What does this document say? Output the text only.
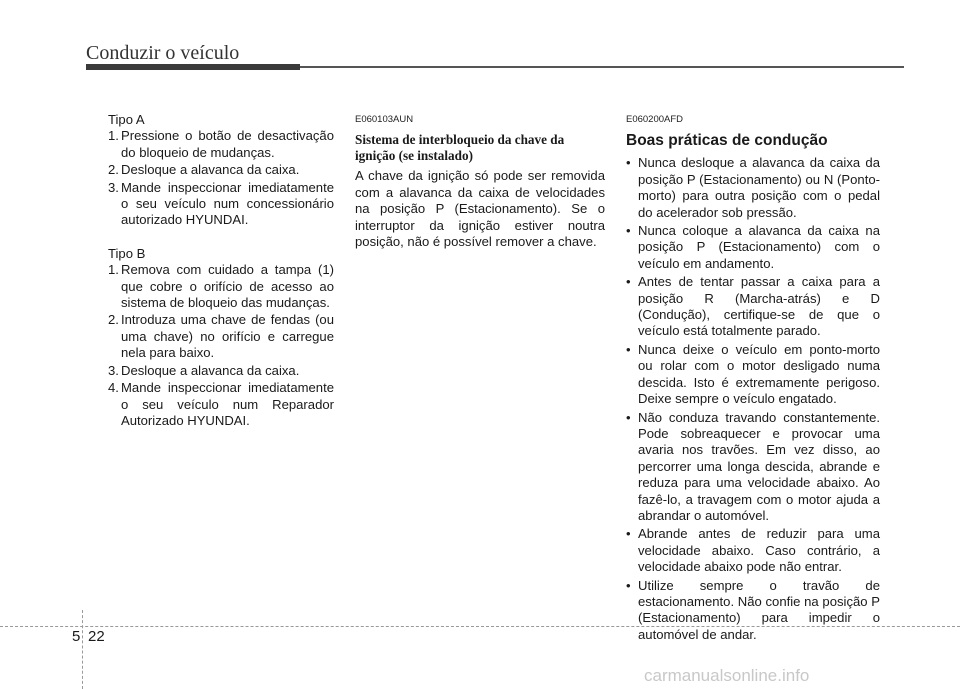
Conduzir o veículo
Tipo A
1. Pressione o botão de desactivação do bloqueio de mudanças.
2. Desloque a alavanca da caixa.
3. Mande inspeccionar imediatamente o seu veículo num concessionário autorizado HYUNDAI.
Tipo B
1. Remova com cuidado a tampa (1) que cobre o orifício de acesso ao sistema de bloqueio das mudanças.
2. Introduza uma chave de fendas (ou uma chave) no orifício e carregue nela para baixo.
3. Desloque a alavanca da caixa.
4. Mande inspeccionar imediatamente o seu veículo num Reparador Autorizado HYUNDAI.
E060103AUN
Sistema de interbloqueio da chave da ignição (se instalado)
A chave da ignição só pode ser removida com a alavanca da caixa de velocidades na posição P (Estacionamento). Se o interruptor da ignição estiver noutra posição, não é possível remover a chave.
E060200AFD
Boas práticas de condução
• Nunca desloque a alavanca da caixa da posição P (Estacionamento) ou N (Ponto-morto) para outra posição com o pedal do acelerador sob pressão.
• Nunca coloque a alavanca da caixa na posição P (Estacionamento) com o veículo em andamento.
• Antes de tentar passar a caixa para a posição R (Marcha-atrás) e D (Condução), certifique-se de que o veículo está totalmente parado.
• Nunca deixe o veículo em ponto-morto ou rolar com o motor desligado numa descida. Isto é extremamente perigoso. Deixe sempre o veículo engatado.
• Não conduza travando constantemente. Pode sobreaquecer e provocar uma avaria nos travões. Em vez disso, ao percorrer uma longa descida, abrande e reduza para uma velocidade abaixo. Ao fazê-lo, a travagem com o motor ajuda a abrandar o automóvel.
• Abrande antes de reduzir para uma velocidade abaixo. Caso contrário, a velocidade abaixo pode não entrar.
• Utilize sempre o travão de estacionamento. Não confie na posição P (Estacionamento) para impedir o automóvel de andar.
5 22
carmanualsonline.info
